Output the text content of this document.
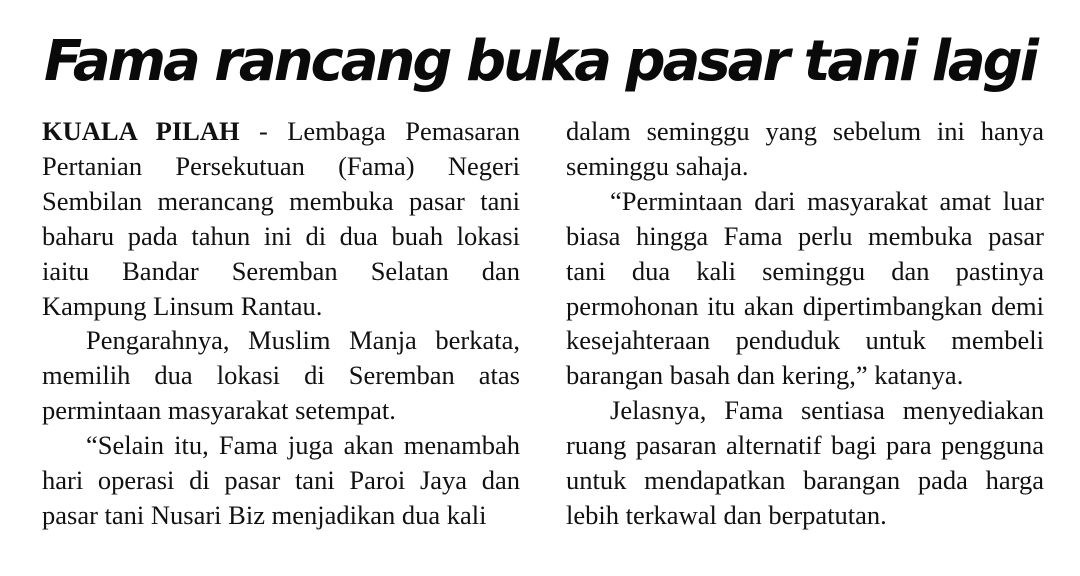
Fama rancang buka pasar tani lagi

KUALA PILAH - Lembaga Pemasaran Pertanian Persekutuan (Fama) Negeri Sembilan merancang membuka pasar tani baharu pada tahun ini di dua buah lokasi iaitu Bandar Seremban Selatan dan Kampung Linsum Rantau.

Pengarahnya, Muslim Manja berkata, memilih dua lokasi di Seremban atas permintaan masyarakat setempat.

“Selain itu, Fama juga akan menambah hari operasi di pasar tani Paroi Jaya dan pasar tani Nusari Biz menjadikan dua kali

dalam seminggu yang sebelum ini hanya seminggu sahaja.

“Permintaan dari masyarakat amat luar biasa hingga Fama perlu membuka pasar tani dua kali seminggu dan pastinya permohonan itu akan dipertimbangkan demi kesejahteraan penduduk untuk membeli barangan basah dan kering,” katanya.

Jelasnya, Fama sentiasa menyediakan ruang pasaran alternatif bagi para pengguna untuk mendapatkan barangan pada harga lebih terkawal dan berpatutan.
